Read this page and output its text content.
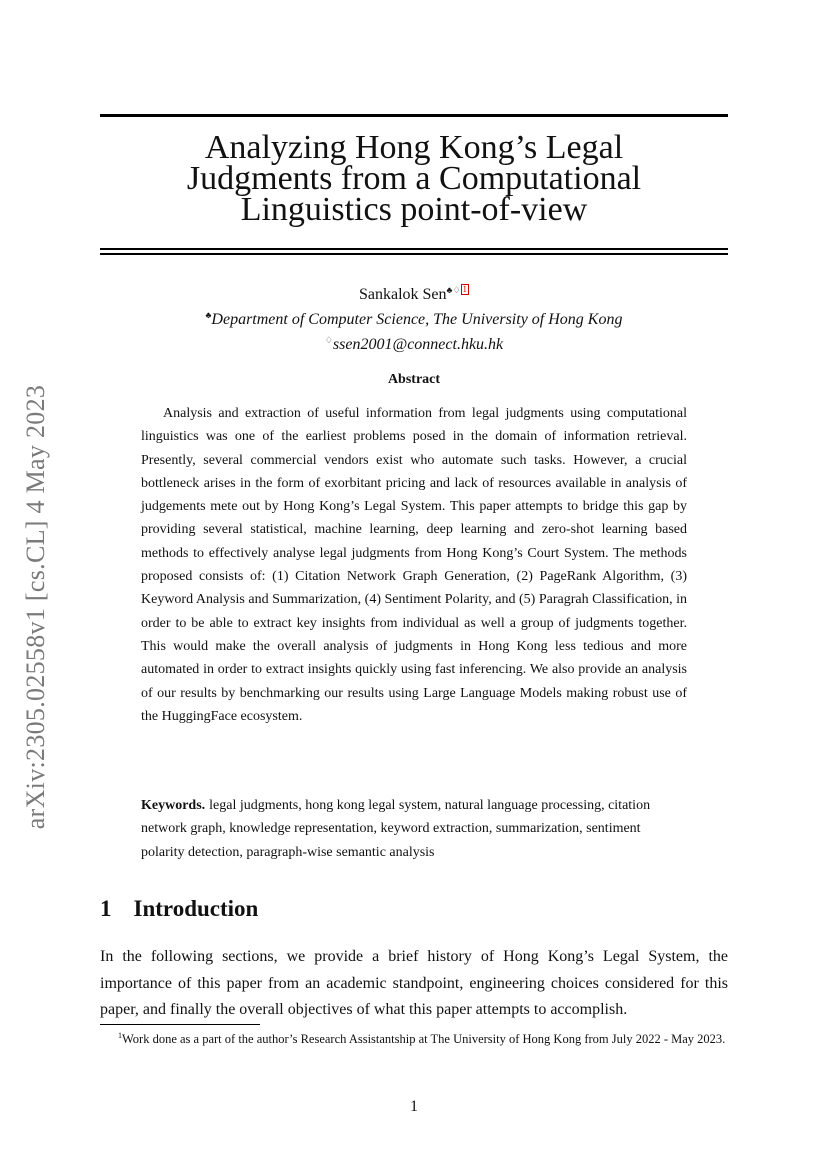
arXiv:2305.02558v1 [cs.CL] 4 May 2023
Analyzing Hong Kong’s Legal
Judgments from a Computational
Linguistics point-of-view
Sankalok Sen♣♢ 1
♣Department of Computer Science, The University of Hong Kong
♢ssen2001@connect.hku.hk

Abstract

Analysis and extraction of useful information from legal judgments using computational linguistics was one of the earliest problems posed in the domain of information retrieval. Presently, several commercial vendors exist who automate such tasks. However, a crucial bottleneck arises in the form of exorbitant pricing and lack of resources available in analysis of judgements mete out by Hong Kong’s Legal System. This paper attempts to bridge this gap by providing several statistical, machine learning, deep learning and zero-shot learning based methods to effectively analyse legal judgments from Hong Kong’s Court System. The methods proposed consists of: (1) Citation Network Graph Generation, (2) PageRank Algorithm, (3) Keyword Analysis and Summarization, (4) Sentiment Polarity, and (5) Paragrah Classification, in order to be able to extract key insights from individual as well a group of judgments together. This would make the overall analysis of judgments in Hong Kong less tedious and more automated in order to extract insights quickly using fast inferencing. We also provide an analysis of our results by benchmarking our results using Large Language Models making robust use of the HuggingFace ecosystem.

Keywords. legal judgments, hong kong legal system, natural language processing, citation network graph, knowledge representation, keyword extraction, summarization, sentiment polarity detection, paragraph-wise semantic analysis

1 Introduction

In the following sections, we provide a brief history of Hong Kong’s Legal System, the importance of this paper from an academic standpoint, engineering choices considered for this paper, and finally the overall objectives of what this paper attempts to accomplish.

$^1$Work done as a part of the author’s Research Assistantship at The University of Hong Kong from July 2022 - May 2023.

1
